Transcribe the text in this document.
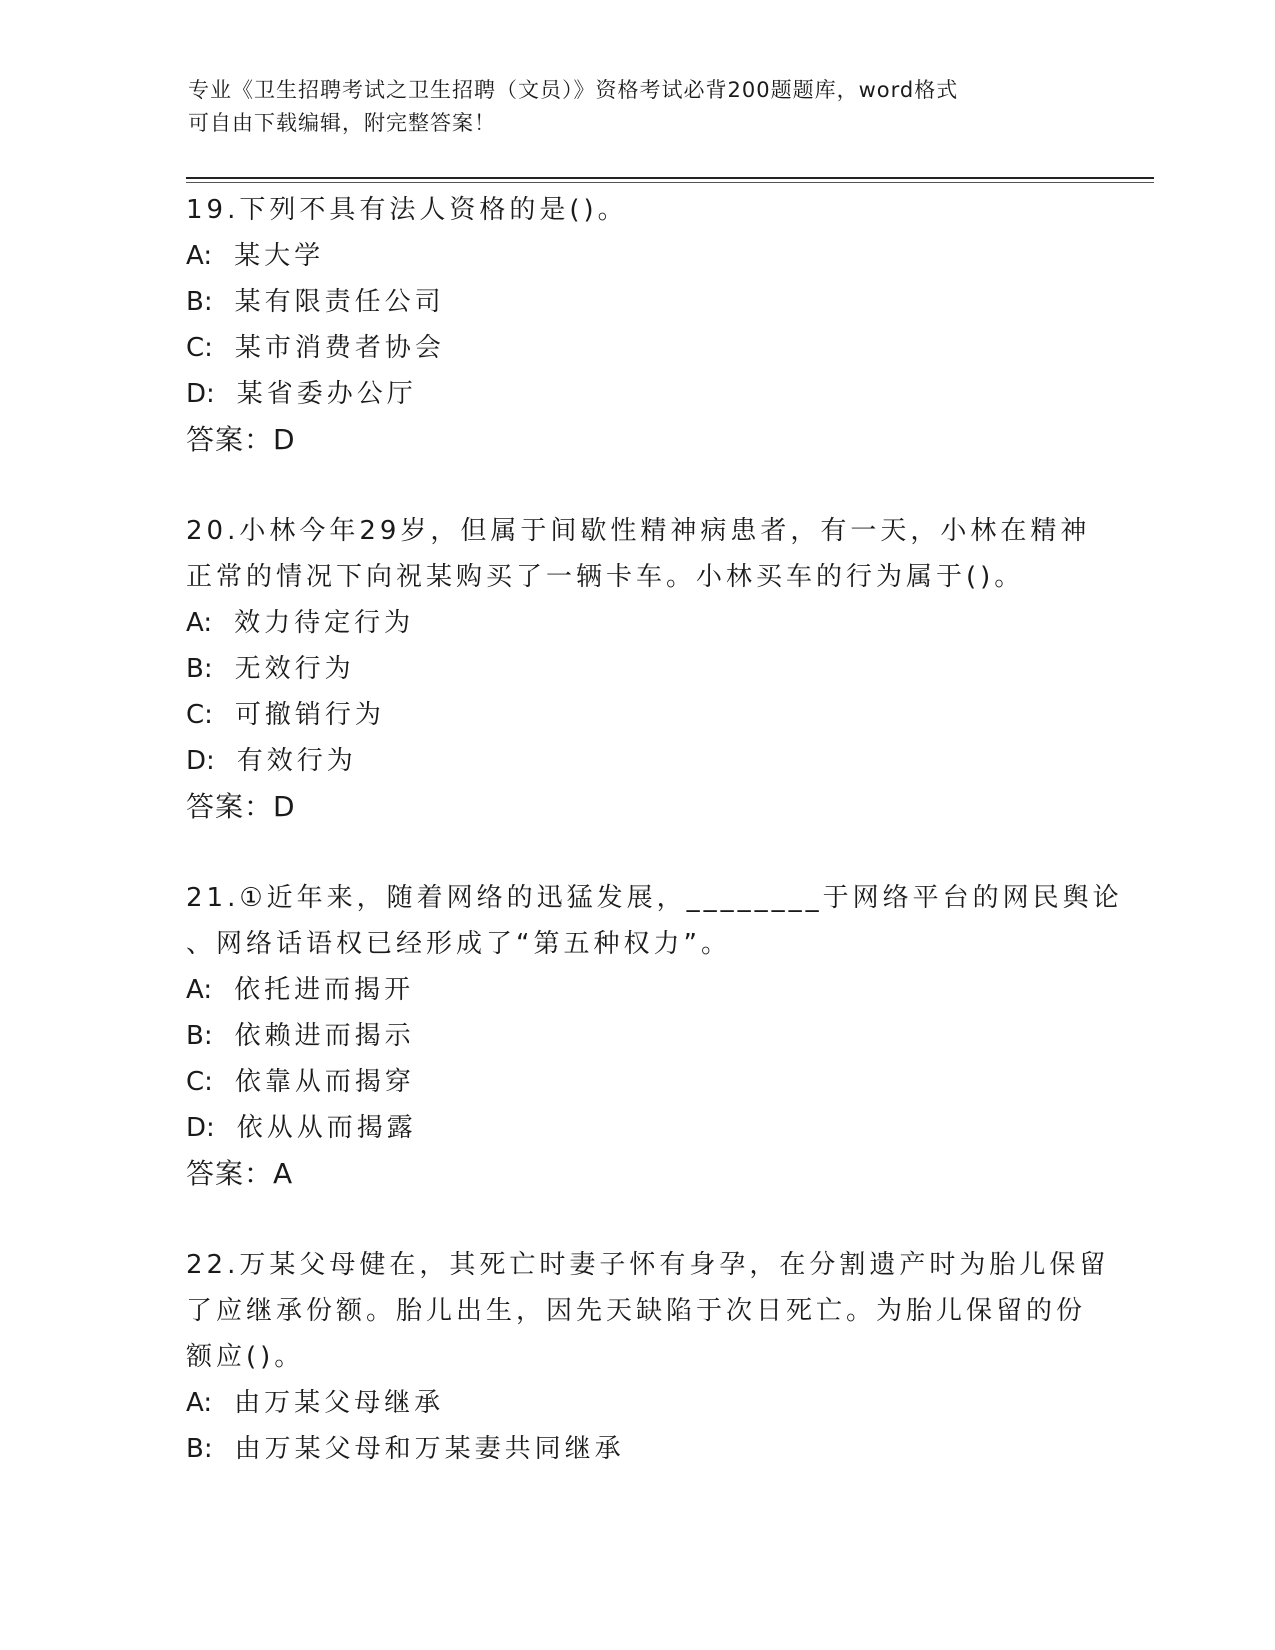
专业《卫生招聘考试之卫生招聘（文员）》资格考试必背200题题库，word格式
可自由下载编辑，附完整答案！
19.下列不具有法人资格的是()。
A: 某大学
B: 某有限责任公司
C: 某市消费者协会
D: 某省委办公厅
答案：D
20.小林今年29岁，但属于间歇性精神病患者，有一天，小林在精神
正常的情况下向祝某购买了一辆卡车。小林买车的行为属于()。
A: 效力待定行为
B: 无效行为
C: 可撤销行为
D: 有效行为
答案：D
21.①近年来，随着网络的迅猛发展，________于网络平台的网民舆论
、网络话语权已经形成了“第五种权力”。
A: 依托进而揭开
B: 依赖进而揭示
C: 依靠从而揭穿
D: 依从从而揭露
答案：A
22.万某父母健在，其死亡时妻子怀有身孕，在分割遗产时为胎儿保留
了应继承份额。胎儿出生，因先天缺陷于次日死亡。为胎儿保留的份
额应()。
A: 由万某父母继承
B: 由万某父母和万某妻共同继承
